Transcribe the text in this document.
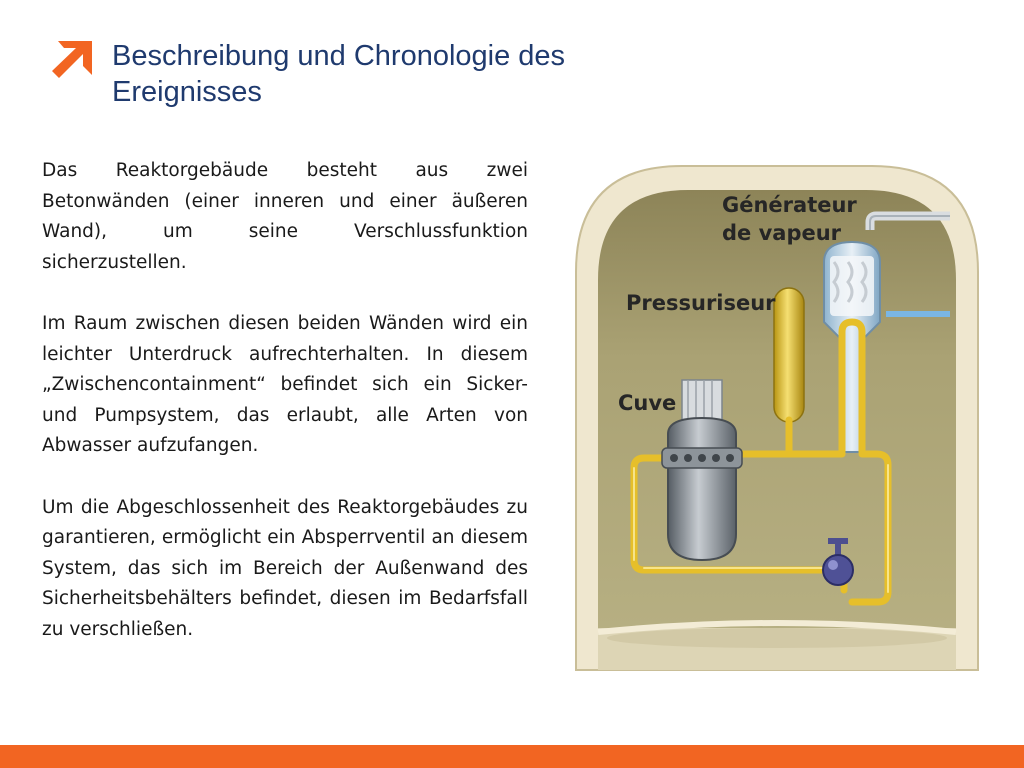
Beschreibung und Chronologie des Ereignisses

Das Reaktorgebäude besteht aus zwei Betonwänden (einer inneren und einer äußeren Wand), um seine Verschlussfunktion sicherzustellen.

Im Raum zwischen diesen beiden Wänden wird ein leichter Unterdruck aufrechterhalten. In diesem „Zwischencontainment“ befindet sich ein Sicker- und Pumpsystem, das erlaubt, alle Arten von Abwasser aufzufangen.

Um die Abgeschlossenheit des Reaktorgebäudes zu garantieren, ermöglicht ein Absperrventil an diesem System, das sich im Bereich der Außenwand des Sicherheitsbehälters befindet, diesen im Bedarfsfall zu verschließen.

Générateur
de vapeur
Pressuriseur
Cuve
